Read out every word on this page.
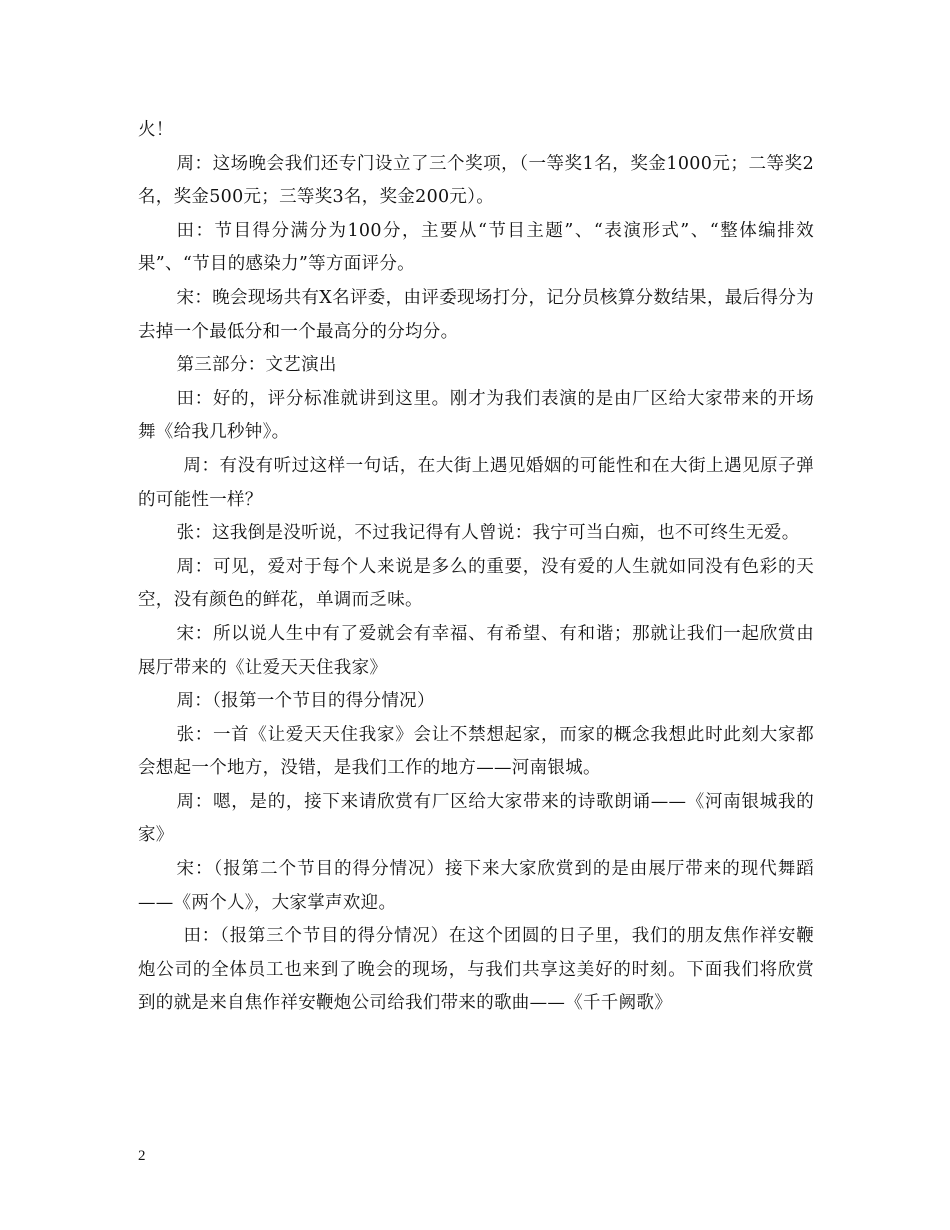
火！

周：这场晚会我们还专门设立了三个奖项，（一等奖1名，奖金1000元；二等奖2名，奖金500元；三等奖3名，奖金200元）。

田：节目得分满分为100分，主要从“节目主题”、“表演形式”、“整体编排效果”、“节目的感染力”等方面评分。

宋：晚会现场共有X名评委，由评委现场打分，记分员核算分数结果，最后得分为去掉一个最低分和一个最高分的分均分。

第三部分：文艺演出

田：好的，评分标准就讲到这里。刚才为我们表演的是由厂区给大家带来的开场舞《给我几秒钟》。

周：有没有听过这样一句话，在大街上遇见婚姻的可能性和在大街上遇见原子弹的可能性一样？

张：这我倒是没听说，不过我记得有人曾说：我宁可当白痴，也不可终生无爱。

周：可见，爱对于每个人来说是多么的重要，没有爱的人生就如同没有色彩的天空，没有颜色的鲜花，单调而乏味。

宋：所以说人生中有了爱就会有幸福、有希望、有和谐；那就让我们一起欣赏由展厅带来的《让爱天天住我家》

周：（报第一个节目的得分情况）

张：一首《让爱天天住我家》会让不禁想起家，而家的概念我想此时此刻大家都会想起一个地方，没错，是我们工作的地方——河南银城。

周：嗯，是的，接下来请欣赏有厂区给大家带来的诗歌朗诵——《河南银城我的家》

宋：（报第二个节目的得分情况）接下来大家欣赏到的是由展厅带来的现代舞蹈——《两个人》，大家掌声欢迎。

田：（报第三个节目的得分情况）在这个团圆的日子里，我们的朋友焦作祥安鞭炮公司的全体员工也来到了晚会的现场，与我们共享这美好的时刻。下面我们将欣赏到的就是来自焦作祥安鞭炮公司给我们带来的歌曲——《千千阙歌》

2
